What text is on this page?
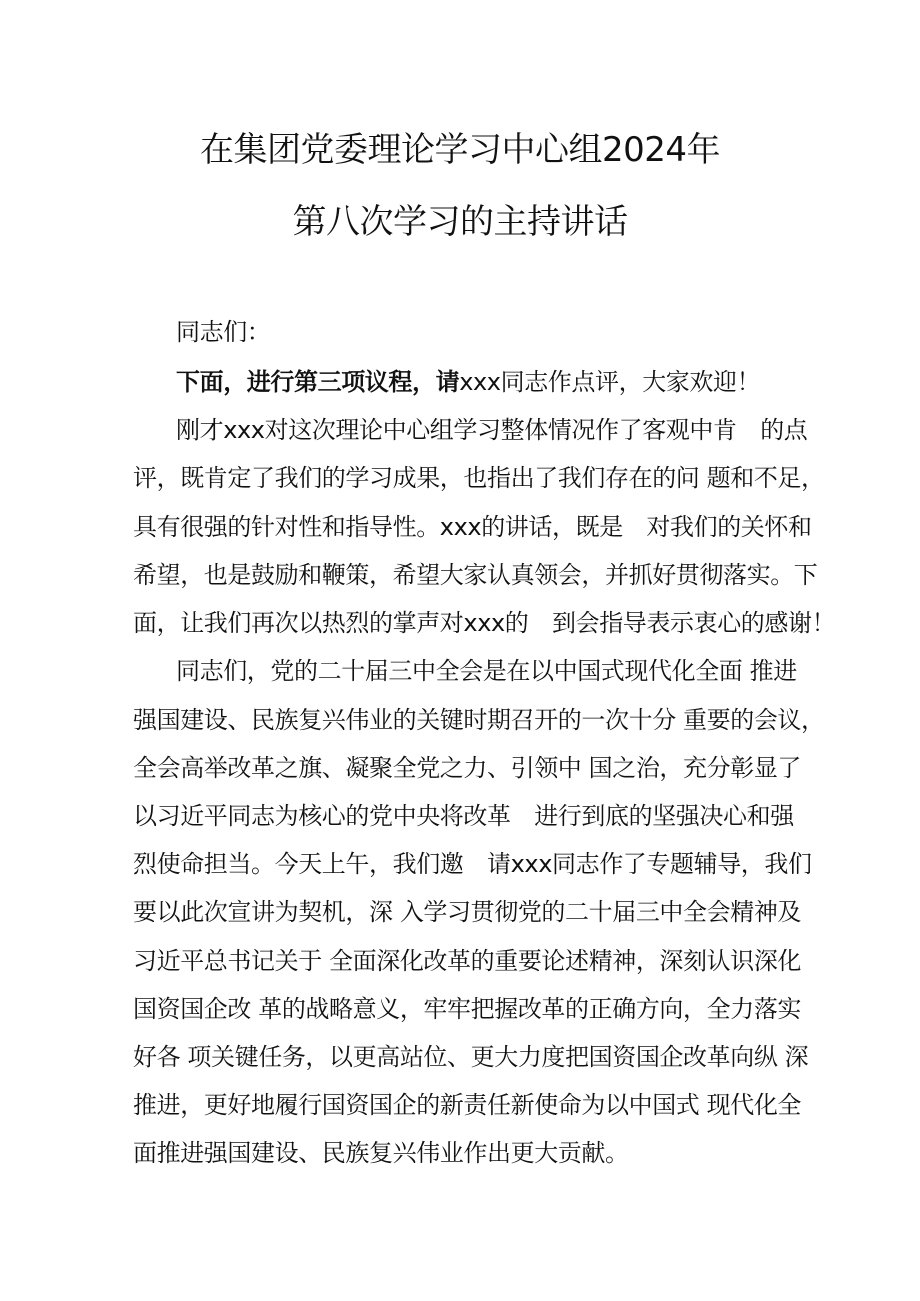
在集团党委理论学习中心组2024年
第八次学习的主持讲话
同志们：
下面，进行第三项议程，请xxx同志作点评，大家欢迎！
刚才xxx对这次理论中心组学习整体情况作了客观中肯　的点
评，既肯定了我们的学习成果，也指出了我们存在的问 题和不足，
具有很强的针对性和指导性。xxx的讲话，既是　对我们的关怀和
希望，也是鼓励和鞭策，希望大家认真领会，并抓好贯彻落实。下
面，让我们再次以热烈的掌声对xxx的　到会指导表示衷心的感谢！
同志们，党的二十届三中全会是在以中国式现代化全面 推进
强国建设、民族复兴伟业的关键时期召开的一次十分 重要的会议，
全会高举改革之旗、凝聚全党之力、引领中 国之治，充分彰显了
以习近平同志为核心的党中央将改革　进行到底的坚强决心和强
烈使命担当。今天上午，我们邀　请xxx同志作了专题辅导，我们
要以此次宣讲为契机，深 入学习贯彻党的二十届三中全会精神及
习近平总书记关于 全面深化改革的重要论述精神，深刻认识深化
国资国企改 革的战略意义，牢牢把握改革的正确方向，全力落实
好各 项关键任务，以更高站位、更大力度把国资国企改革向纵 深
推进，更好地履行国资国企的新责任新使命为以中国式 现代化全
面推进强国建设、民族复兴伟业作出更大贡献。
